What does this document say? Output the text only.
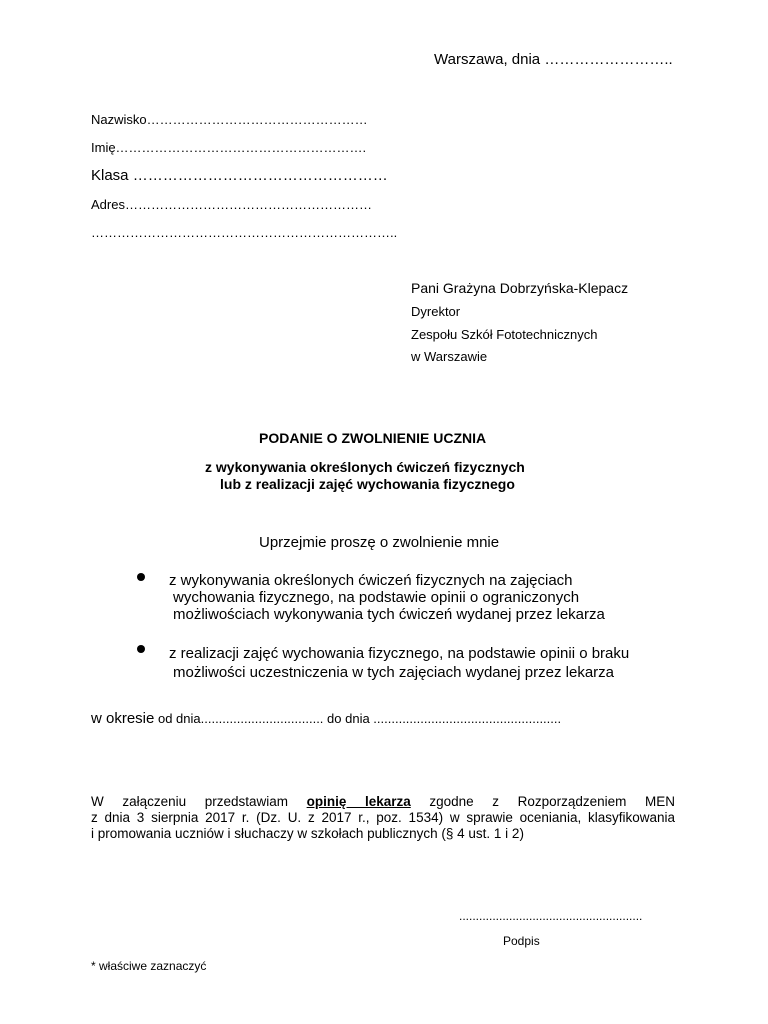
Warszawa, dnia ……………………..
Nazwisko……………………………………………
Imię………………………………………………….
Klasa ……………………………………………
Adres…………………………………………………
……………………………………………………………..
Pani Grażyna Dobrzyńska-Klepacz
Dyrektor
Zespołu Szkół Fototechnicznych
w Warszawie
PODANIE O ZWOLNIENIE UCZNIA
z wykonywania określonych ćwiczeń fizycznych
lub z realizacji zajęć wychowania fizycznego
Uprzejmie proszę o zwolnienie mnie
z wykonywania określonych ćwiczeń fizycznych na zajęciach
wychowania fizycznego, na podstawie opinii o ograniczonych
możliwościach wykonywania tych ćwiczeń wydanej przez lekarza
z realizacji zajęć wychowania fizycznego, na podstawie opinii o braku
możliwości uczestniczenia w tych zajęciach wydanej przez lekarza
w okresie od dnia.................................. do dnia ....................................................

W załączeniu przedstawiam opinię lekarza zgodne z Rozporządzeniem MEN

z dnia 3 sierpnia 2017 r. (Dz. U. z 2017 r., poz. 1534) w sprawie oceniania, klasyfikowania

i promowania uczniów i słuchaczy w szkołach publicznych (§ 4 ust. 1 i 2)

.......................................................
Podpis
* właściwe zaznaczyć
